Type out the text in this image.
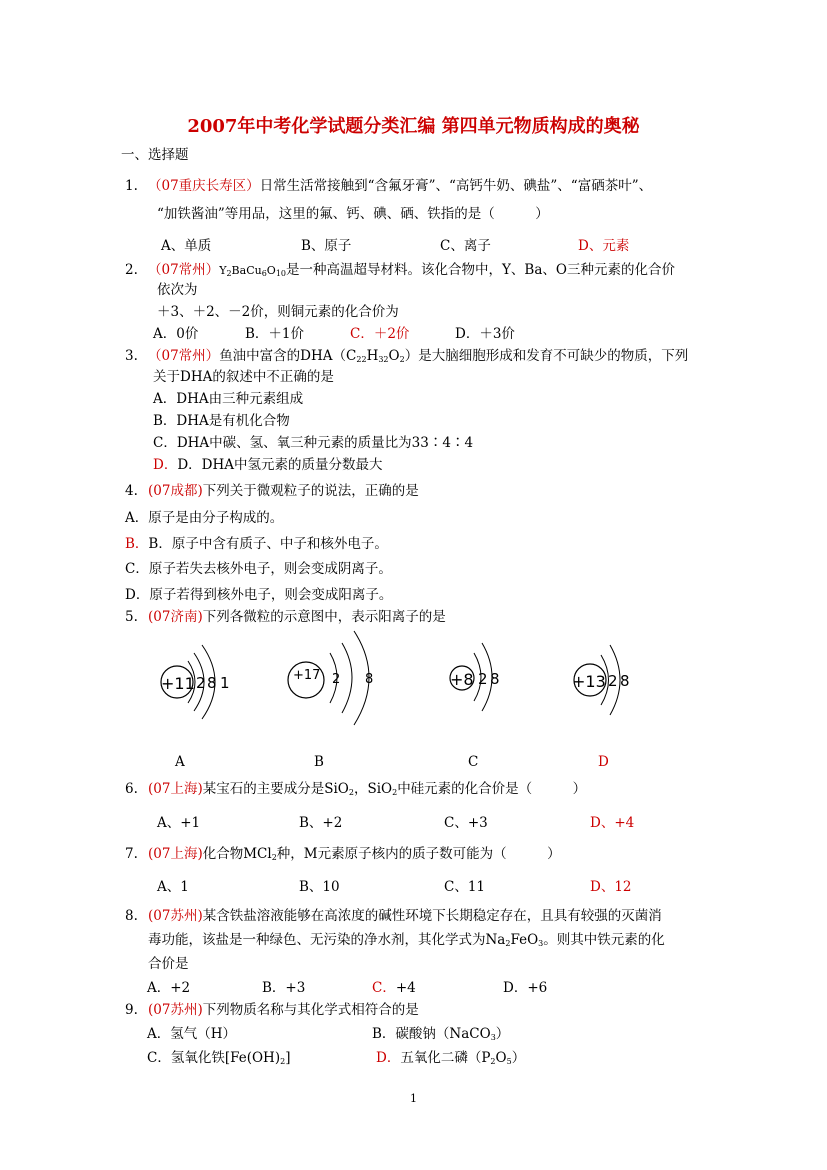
2007年中考化学试题分类汇编 第四单元物质构成的奥秘
一、选择题
1. （07重庆长寿区）日常生活常接触到“含氟牙膏”、“高钙牛奶、碘盐”、“富硒茶叶”、
“加铁酱油”等用品，这里的氟、钙、碘、硒、铁指的是（　　　）
A、单质	B、原子	C、离子	D、元素
2. （07常州）$Y_2BaCu_6O_{10}$是一种高温超导材料。该化合物中，Y、Ba、O三种元素的化合价
依次为
＋3、＋2、－2价，则铜元素的化合价为
A．0价	B．＋1价	C．＋2价	D．＋3价
3. （07常州）鱼油中富含的$DHA(C_{22}H_{32}O_2)$是大脑细胞形成和发育不可缺少的物质，下列
关于DHA的叙述中不正确的是
A．DHA由三种元素组成
B．DHA是有机化合物
C．DHA中碳、氢、氧三种元素的质量比为33∶4∶4
D．D．DHA中氢元素的质量分数最大
4. (07成都)下列关于微观粒子的说法，正确的是
A．原子是由分子构成的。
B．B．原子中含有质子、中子和核外电子。
C．原子若失去核外电子，则会变成阴离子。
D．原子若得到核外电子，则会变成阳离子。
5. (07济南)下列各微粒的示意图中，表示阳离子的是
+11 2 8 1	+17 2 8	+8 2 8	+13 2 8
A	B	C	D
6. (07上海)某宝石的主要成分是SiO$_2$，SiO$_2$中硅元素的化合价是（　　　）
A、+1	B、+2	C、+3	D、+4
7. (07上海)化合物MCl$_2$种，M元素原子核内的质子数可能为（　　　）
A、1	B、10	C、11	D、12
8. (07苏州)某含铁盐溶液能够在高浓度的碱性环境下长期稳定存在，且具有较强的灭菌消
毒功能，该盐是一种绿色、无污染的净水剂，其化学式为$Na_2FeO_3$。则其中铁元素的化
合价是
A．+2	B．+3	C．+4	D．+6
9. (07苏州)下列物质名称与其化学式相符合的是
A．氢气（H）	B．碳酸钠（NaCO$_3$）
C．氢氧化铁$[Fe(OH)_2]$	D．五氧化二磷$(P_2O_5)$
1
